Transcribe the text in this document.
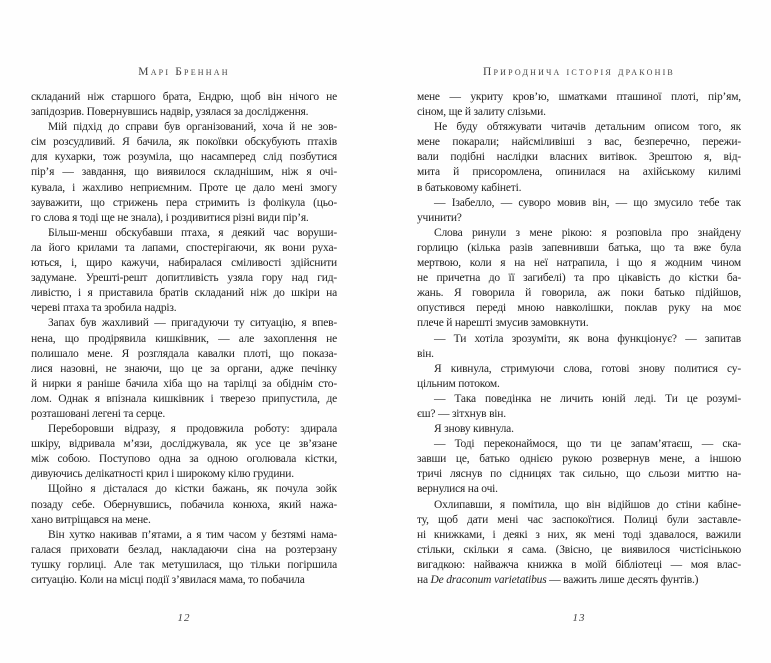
Марі Бреннан
складаний ніж старшого брата, Ендрю, щоб він нічого не
запідозрив. Повернувшись надвір, узялася за дослідження.
Мій підхід до справи був організований, хоча й не зов-
сім розсудливий. Я бачила, як покоївки обскубують птахів
для кухарки, тож розуміла, що насамперед слід позбутися
пір’я — завдання, що виявилося складнішим, ніж я очі-
кувала, і жахливо неприємним. Проте це дало мені змогу
зауважити, що стрижень пера стримить із фолікула (цьо-
го слова я тоді ще не знала), і роздивитися різні види пір’я.
Більш-менш обскубавши птаха, я деякий час воруши-
ла його крилами та лапами, спостерігаючи, як вони руха-
ються, і, щиро кажучи, набиралася сміливості здійснити
задумане. Урешті-решт допитливість узяла гору над гид-
ливістю, і я приставила братів складаний ніж до шкіри на
череві птаха та зробила надріз.
Запах був жахливий — пригадуючи ту ситуацію, я впев-
нена, що продірявила кишківник, — але захоплення не
полишало мене. Я розглядала кавалки плоті, що показа-
лися назовні, не знаючи, що це за органи, адже печінку
й нирки я раніше бачила хіба що на тарілці за обіднім сто-
лом. Однак я впізнала кишківник і тверезо припустила, де
розташовані легені та серце.
Переборовши відразу, я продовжила роботу: здирала
шкіру, відривала м’язи, досліджувала, як усе це зв’язане
між собою. Поступово одна за одною оголювала кістки,
дивуючись делікатності крил і широкому кілю грудини.
Щойно я дісталася до кістки бажань, як почула зойк
позаду себе. Обернувшись, побачила конюха, який нажа-
хано витріщався на мене.
Він хутко накивав п’ятами, а я тим часом у безтямі нама-
галася приховати безлад, накладаючи сіна на розтерзану
тушку горлиці. Але так метушилася, що тільки погіршила
ситуацію. Коли на місці події з’явилася мама, то побачила
12
Природнича історія драконів
мене — укриту кров’ю, шматками пташиної плоті, пір’ям,
сіном, ще й залиту слізьми.
Не буду обтяжувати читачів детальним описом того, як
мене покарали; найсміливіші з вас, безперечно, пережи-
вали подібні наслідки власних витівок. Зрештою я, від-
мита й присоромлена, опинилася на ахійському килимі
в батьковому кабінеті.
— Ізабелло, — суворо мовив він, — що змусило тебе так
учинити?
Слова ринули з мене рікою: я розповіла про знайдену
горлицю (кілька разів запевнивши батька, що та вже була
мертвою, коли я на неї натрапила, і що я жодним чином
не причетна до її загибелі) та про цікавість до кістки ба-
жань. Я говорила й говорила, аж поки батько підійшов,
опустився переді мною навколішки, поклав руку на моє
плече й нарешті змусив замовкнути.
— Ти хотіла зрозуміти, як вона функціонує? — запитав
він.
Я кивнула, стримуючи слова, готові знову политися су-
цільним потоком.
— Така поведінка не личить юній леді. Ти це розумі-
єш? — зітхнув він.
Я знову кивнула.
— Тоді переконаймося, що ти це запам’ятаєш, — ска-
завши це, батько однією рукою розвернув мене, а іншою
тричі ляснув по сідницях так сильно, що сльози миттю на-
вернулися на очі.
Охлипавши, я помітила, що він відійшов до стіни кабіне-
ту, щоб дати мені час заспокоїтися. Полиці були заставле-
ні книжками, і деякі з них, як мені тоді здавалося, важили
стільки, скільки я сама. (Звісно, це виявилося чистісінькою
вигадкою: найважча книжка в моїй бібліотеці — моя влас-
на De draconum varietatibus — важить лише десять фунтів.)
13
